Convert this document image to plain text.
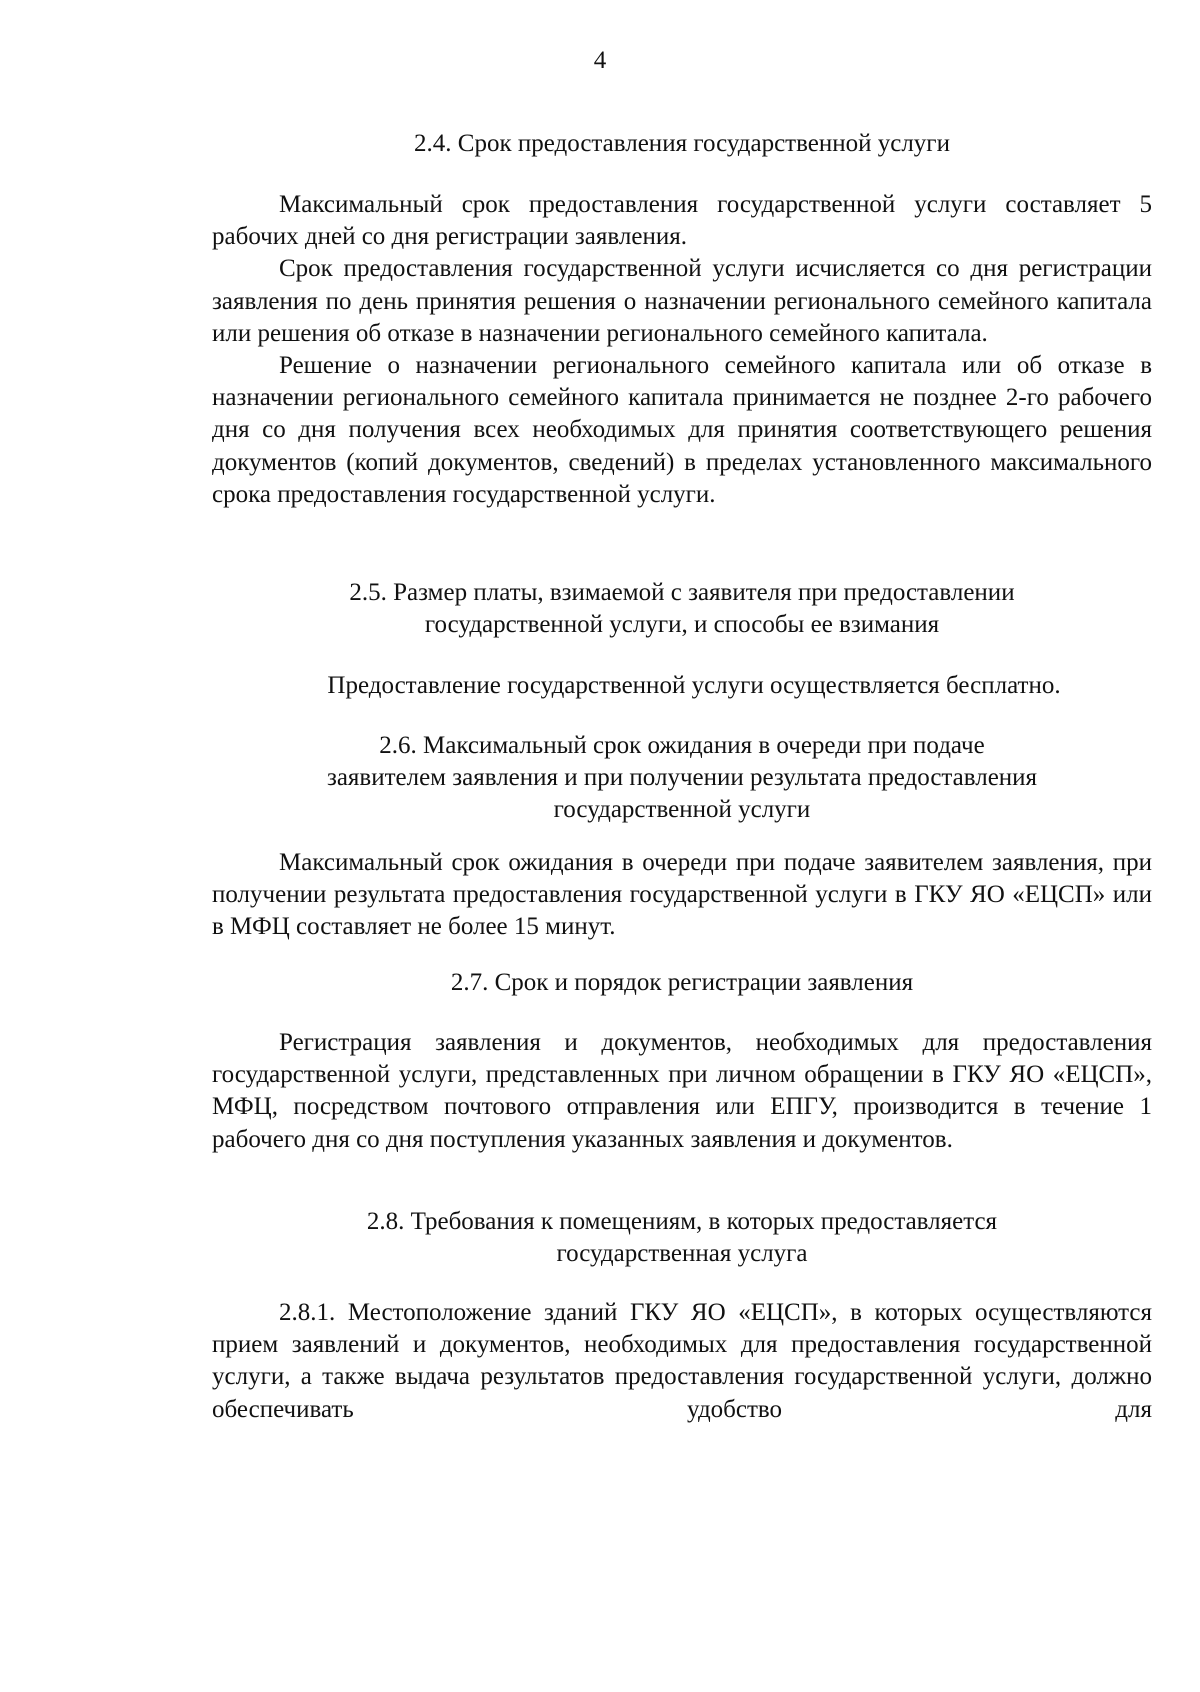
4
2.4. Срок предоставления государственной услуги

Максимальный срок предоставления государственной услуги составляет 5 рабочих дней со дня регистрации заявления.

Срок предоставления государственной услуги исчисляется со дня регистрации заявления по день принятия решения о назначении регионального семейного капитала или решения об отказе в назначении регионального семейного капитала.

Решение о назначении регионального семейного капитала или об отказе в назначении регионального семейного капитала принимается не позднее 2-го рабочего дня со дня получения всех необходимых для принятия соответствующего решения документов (копий документов, сведений) в пределах установленного максимального срока предоставления государственной услуги.

2.5. Размер платы, взимаемой с заявителя при предоставлении
государственной услуги, и способы ее взимания

Предоставление государственной услуги осуществляется бесплатно.

2.6. Максимальный срок ожидания в очереди при подаче
заявителем заявления и при получении результата предоставления
государственной услуги

Максимальный срок ожидания в очереди при подаче заявителем заявления, при получении результата предоставления государственной услуги в ГКУ ЯО «ЕЦСП» или в МФЦ составляет не более 15 минут.

2.7. Срок и порядок регистрации заявления

Регистрация заявления и документов, необходимых для предоставления государственной услуги, представленных при личном обращении в ГКУ ЯО «ЕЦСП», МФЦ, посредством почтового отправления или ЕПГУ, производится в течение 1 рабочего дня со дня поступления указанных заявления и документов.

2.8. Требования к помещениям, в которых предоставляется
государственная услуга

2.8.1. Местоположение зданий ГКУ ЯО «ЕЦСП», в которых осуществляются прием заявлений и документов, необходимых для предоставления государственной услуги, а также выдача результатов предоставления государственной услуги, должно обеспечивать удобство для
